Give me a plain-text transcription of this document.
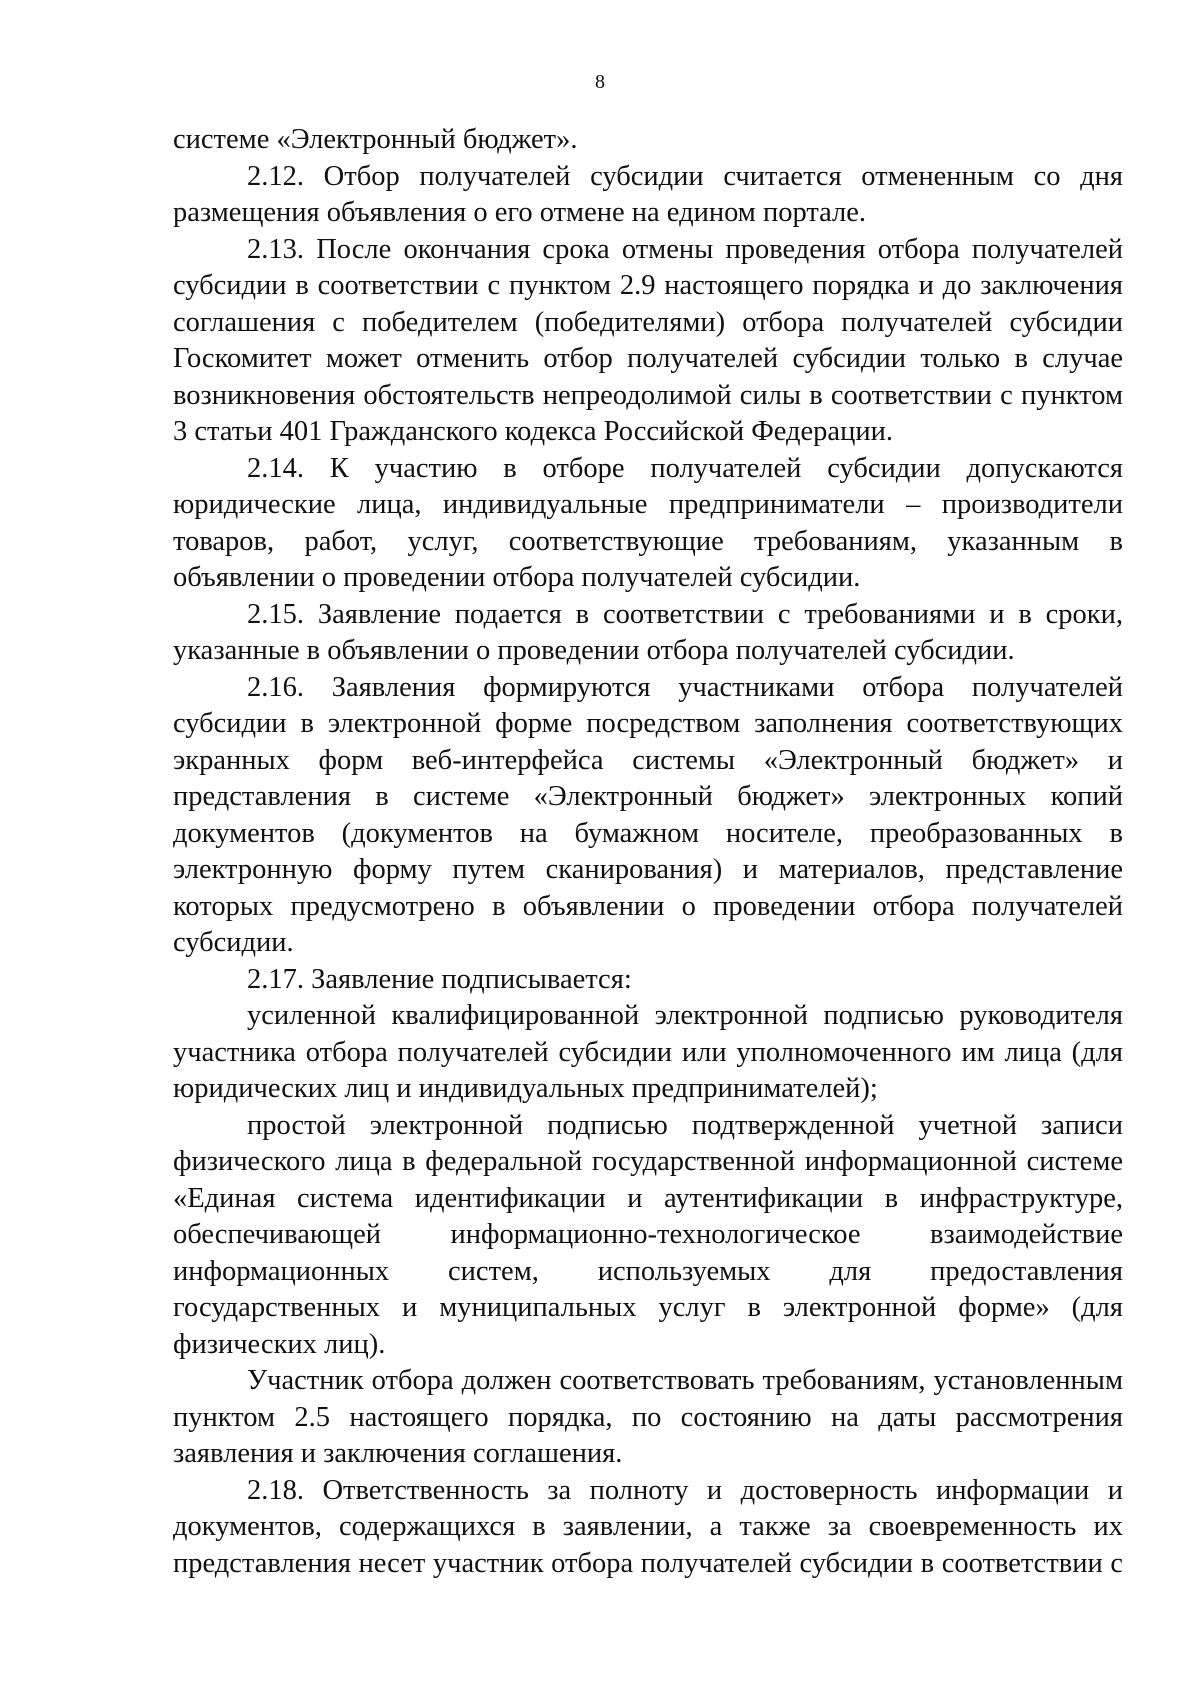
8

системе «Электронный бюджет».

2.12. Отбор получателей субсидии считается отмененным со дня размещения объявления о его отмене на едином портале.

2.13. После окончания срока отмены проведения отбора получателей субсидии в соответствии с пунктом 2.9 настоящего порядка и до заключения соглашения с победителем (победителями) отбора получателей субсидии Госкомитет может отменить отбор получателей субсидии только в случае возникновения обстоятельств непреодолимой силы в соответствии с пунктом 3 статьи 401 Гражданского кодекса Российской Федерации.

2.14. К участию в отборе получателей субсидии допускаются юридические лица, индивидуальные предприниматели – производители товаров, работ, услуг, соответствующие требованиям, указанным в объявлении о проведении отбора получателей субсидии.

2.15. Заявление подается в соответствии с требованиями и в сроки, указанные в объявлении о проведении отбора получателей субсидии.

2.16. Заявления формируются участниками отбора получателей субсидии в электронной форме посредством заполнения соответствующих экранных форм веб-интерфейса системы «Электронный бюджет» и представления в системе «Электронный бюджет» электронных копий документов (документов на бумажном носителе, преобразованных в электронную форму путем сканирования) и материалов, представление которых предусмотрено в объявлении о проведении отбора получателей субсидии.

2.17. Заявление подписывается:

усиленной квалифицированной электронной подписью руководителя участника отбора получателей субсидии или уполномоченного им лица (для юридических лиц и индивидуальных предпринимателей);

простой электронной подписью подтвержденной учетной записи физического лица в федеральной государственной информационной системе «Единая система идентификации и аутентификации в инфраструктуре, обеспечивающей информационно-технологическое взаимодействие информационных систем, используемых для предоставления государственных и муниципальных услуг в электронной форме» (для физических лиц).

Участник отбора должен соответствовать требованиям, установленным пунктом 2.5 настоящего порядка, по состоянию на даты рассмотрения заявления и заключения соглашения.

2.18. Ответственность за полноту и достоверность информации и документов, содержащихся в заявлении, а также за своевременность их представления несет участник отбора получателей субсидии в соответствии с
